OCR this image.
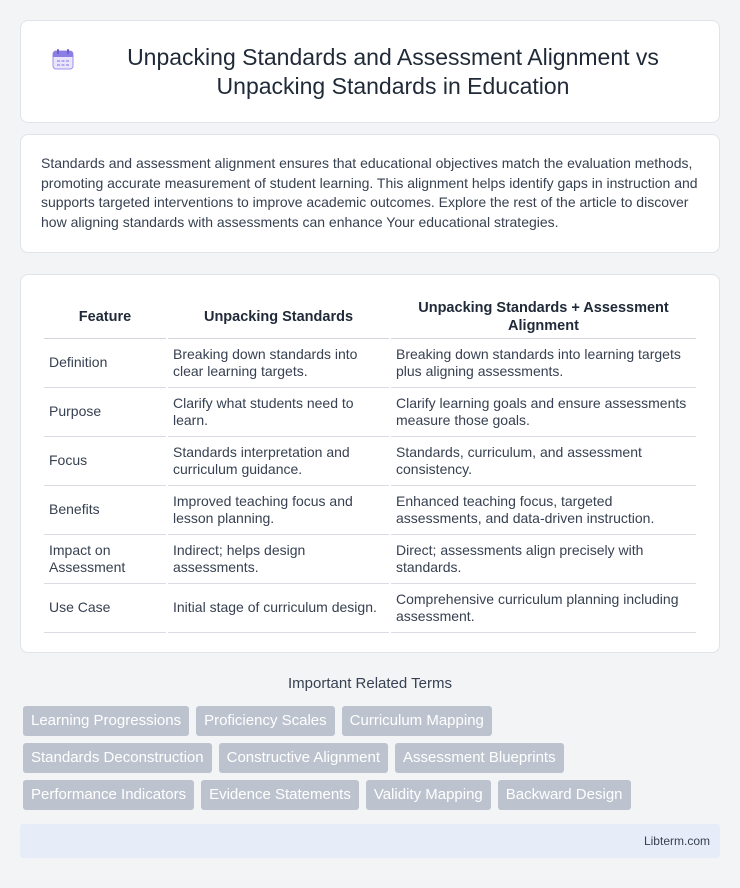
Unpacking Standards and Assessment Alignment vs Unpacking Standards in Education

Standards and assessment alignment ensures that educational objectives match the evaluation methods, promoting accurate measurement of student learning. This alignment helps identify gaps in instruction and supports targeted interventions to improve academic outcomes. Explore the rest of the article to discover how aligning standards with assessments can enhance Your educational strategies.

Feature	Unpacking Standards	Unpacking Standards + Assessment Alignment
Definition	Breaking down standards into clear learning targets.	Breaking down standards into learning targets plus aligning assessments.
Purpose	Clarify what students need to learn.	Clarify learning goals and ensure assessments measure those goals.
Focus	Standards interpretation and curriculum guidance.	Standards, curriculum, and assessment consistency.
Benefits	Improved teaching focus and lesson planning.	Enhanced teaching focus, targeted assessments, and data-driven instruction.
Impact on Assessment	Indirect; helps design assessments.	Direct; assessments align precisely with standards.
Use Case	Initial stage of curriculum design.	Comprehensive curriculum planning including assessment.
Important Related Terms
Learning Progressions	Proficiency Scales	Curriculum Mapping
Standards Deconstruction	Constructive Alignment	Assessment Blueprints
Performance Indicators	Evidence Statements	Validity Mapping	Backward Design
Libterm.com
